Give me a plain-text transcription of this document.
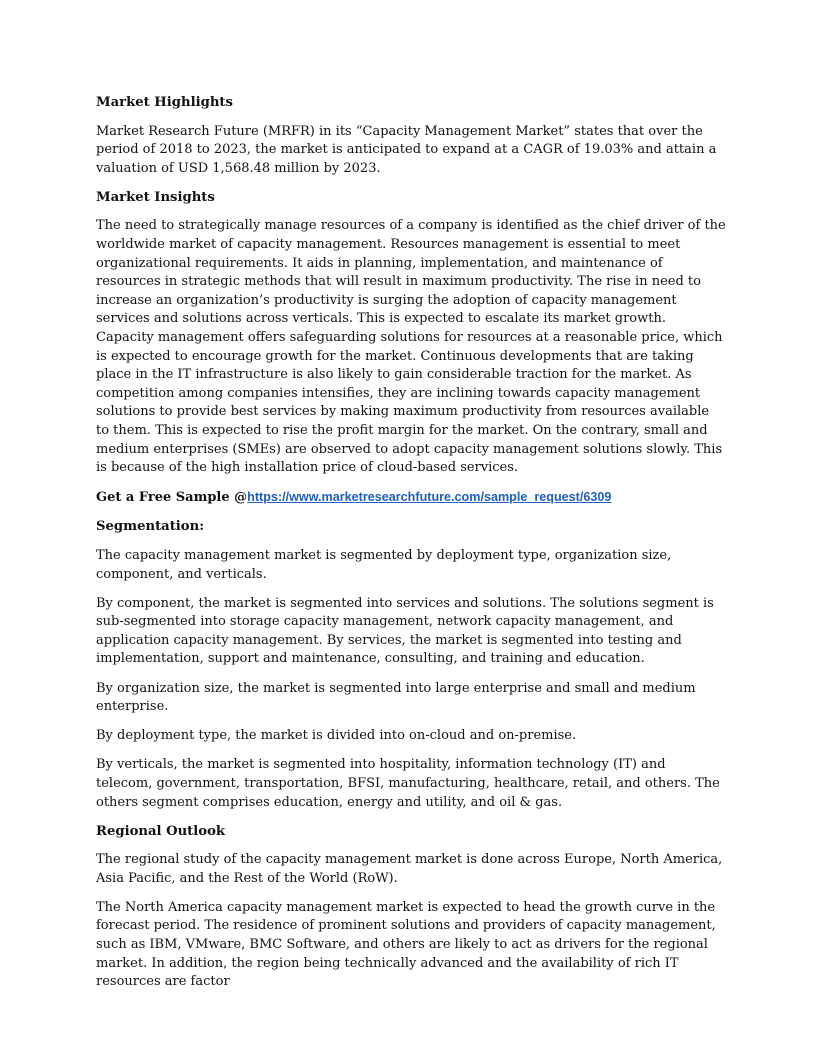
Market Highlights

Market Research Future (MRFR) in its “Capacity Management Market” states that over the period of 2018 to 2023, the market is anticipated to expand at a CAGR of 19.03% and attain a valuation of USD 1,568.48 million by 2023.

Market Insights

The need to strategically manage resources of a company is identified as the chief driver of the worldwide market of capacity management. Resources management is essential to meet organizational requirements. It aids in planning, implementation, and maintenance of resources in strategic methods that will result in maximum productivity. The rise in need to increase an organization’s productivity is surging the adoption of capacity management services and solutions across verticals. This is expected to escalate its market growth. Capacity management offers safeguarding solutions for resources at a reasonable price, which is expected to encourage growth for the market. Continuous developments that are taking place in the IT infrastructure is also likely to gain considerable traction for the market. As competition among companies intensifies, they are inclining towards capacity management solutions to provide best services by making maximum productivity from resources available to them. This is expected to rise the profit margin for the market. On the contrary, small and medium enterprises (SMEs) are observed to adopt capacity management solutions slowly. This is because of the high installation price of cloud-based services.

Get a Free Sample @https://www.marketresearchfuture.com/sample_request/6309
Segmentation:

The capacity management market is segmented by deployment type, organization size, component, and verticals.

By component, the market is segmented into services and solutions. The solutions segment is sub-segmented into storage capacity management, network capacity management, and application capacity management. By services, the market is segmented into testing and implementation, support and maintenance, consulting, and training and education.

By organization size, the market is segmented into large enterprise and small and medium enterprise.

By deployment type, the market is divided into on-cloud and on-premise.

By verticals, the market is segmented into hospitality, information technology (IT) and telecom, government, transportation, BFSI, manufacturing, healthcare, retail, and others. The others segment comprises education, energy and utility, and oil & gas.

Regional Outlook

The regional study of the capacity management market is done across Europe, North America, Asia Pacific, and the Rest of the World (RoW).

The North America capacity management market is expected to head the growth curve in the forecast period. The residence of prominent solutions and providers of capacity management, such as IBM, VMware, BMC Software, and others are likely to act as drivers for the regional market. In addition, the region being technically advanced and the availability of rich IT resources are factor
